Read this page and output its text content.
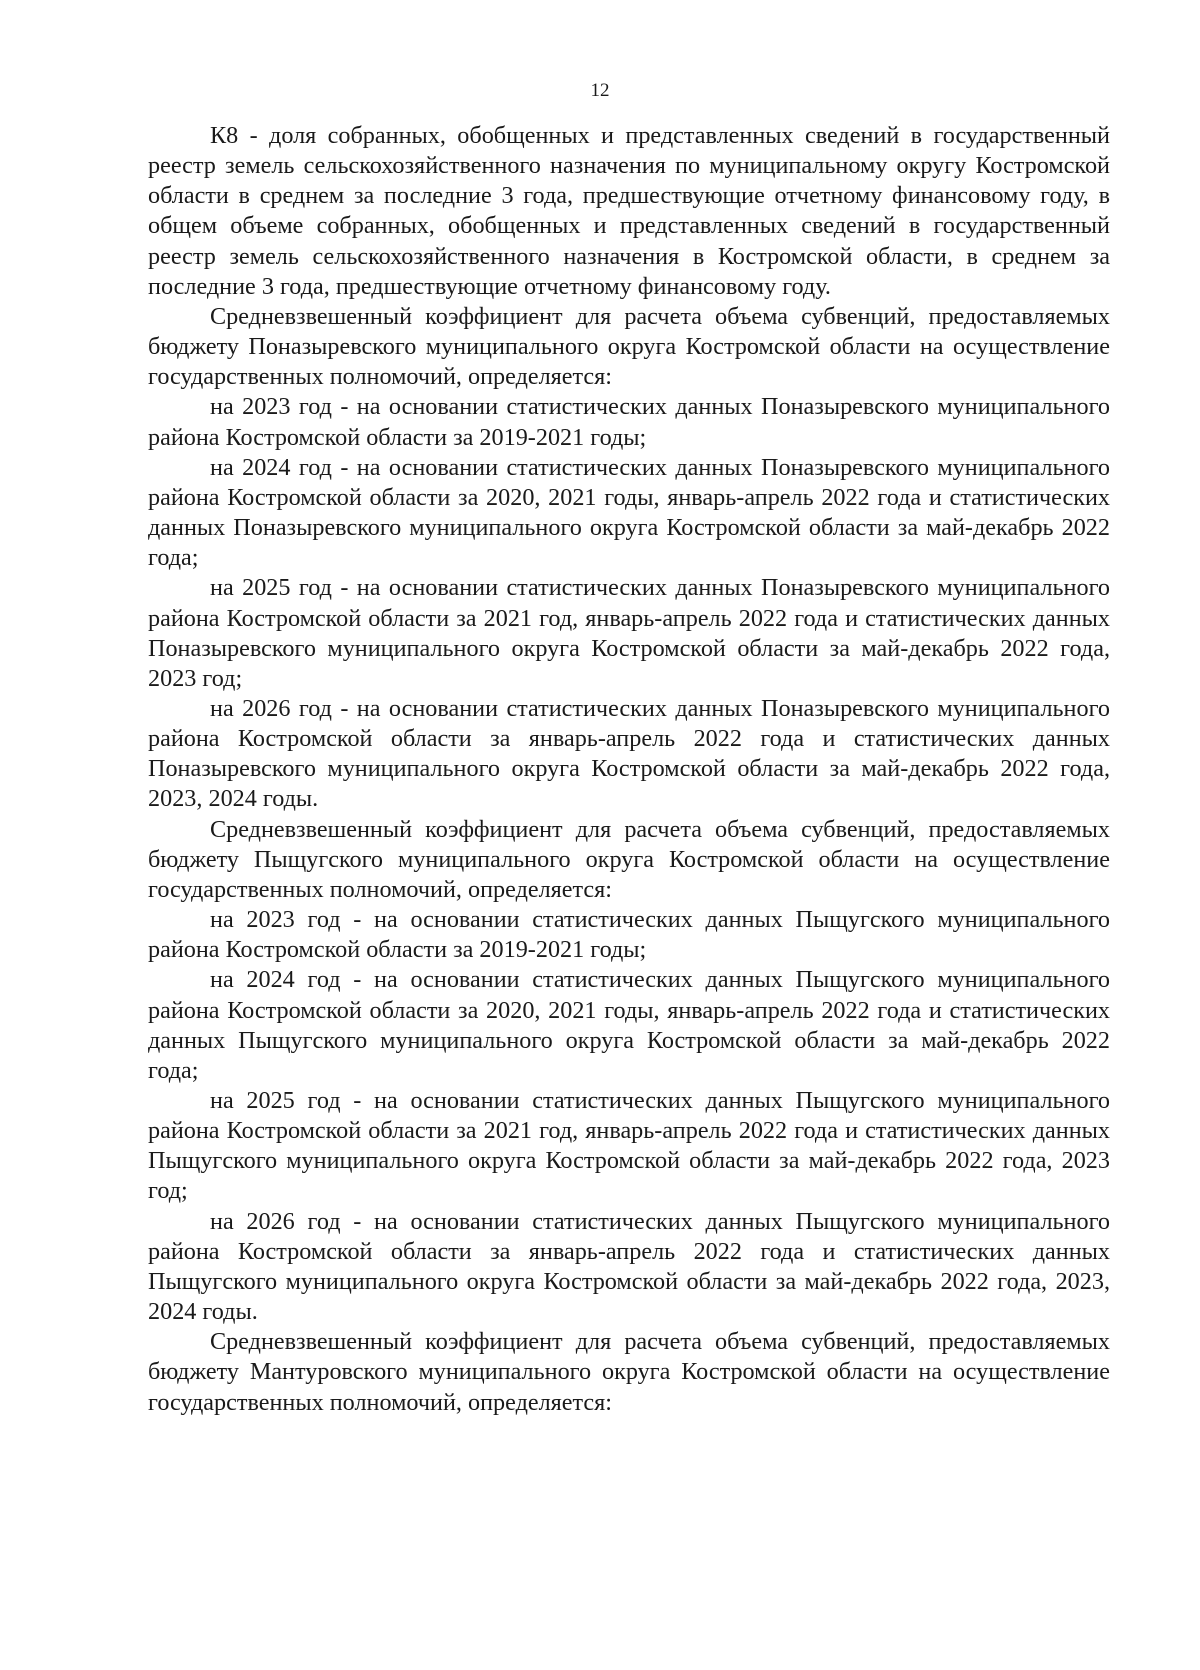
12

К8 - доля собранных, обобщенных и представленных сведений в государственный реестр земель сельскохозяйственного назначения по муниципальному округу Костромской области в среднем за последние 3 года, предшествующие отчетному финансовому году, в общем объеме собранных, обобщенных и представленных сведений в государственный реестр земель сельскохозяйственного назначения в Костромской области, в среднем за последние 3 года, предшествующие отчетному финансовому году.

Средневзвешенный коэффициент для расчета объема субвенций, предоставляемых бюджету Поназыревского муниципального округа Костромской области на осуществление государственных полномочий, определяется:

на 2023 год - на основании статистических данных Поназыревского муниципального района Костромской области за 2019-2021 годы;

на 2024 год - на основании статистических данных Поназыревского муниципального района Костромской области за 2020, 2021 годы, январь-апрель 2022 года и статистических данных Поназыревского муниципального округа Костромской области за май-декабрь 2022 года;

на 2025 год - на основании статистических данных Поназыревского муниципального района Костромской области за 2021 год, январь-апрель 2022 года и статистических данных Поназыревского муниципального округа Костромской области за май-декабрь 2022 года, 2023 год;

на 2026 год - на основании статистических данных Поназыревского муниципального района Костромской области за январь-апрель 2022 года и статистических данных Поназыревского муниципального округа Костромской области за май-декабрь 2022 года, 2023, 2024 годы.

Средневзвешенный коэффициент для расчета объема субвенций, предоставляемых бюджету Пыщугского муниципального округа Костромской области на осуществление государственных полномочий, определяется:

на 2023 год - на основании статистических данных Пыщугского муниципального района Костромской области за 2019-2021 годы;

на 2024 год - на основании статистических данных Пыщугского муниципального района Костромской области за 2020, 2021 годы, январь-апрель 2022 года и статистических данных Пыщугского муниципального округа Костромской области за май-декабрь 2022 года;

на 2025 год - на основании статистических данных Пыщугского муниципального района Костромской области за 2021 год, январь-апрель 2022 года и статистических данных Пыщугского муниципального округа Костромской области за май-декабрь 2022 года, 2023 год;

на 2026 год - на основании статистических данных Пыщугского муниципального района Костромской области за январь-апрель 2022 года и статистических данных Пыщугского муниципального округа Костромской области за май-декабрь 2022 года, 2023, 2024 годы.

Средневзвешенный коэффициент для расчета объема субвенций, предоставляемых бюджету Мантуровского муниципального округа Костромской области на осуществление государственных полномочий, определяется:
